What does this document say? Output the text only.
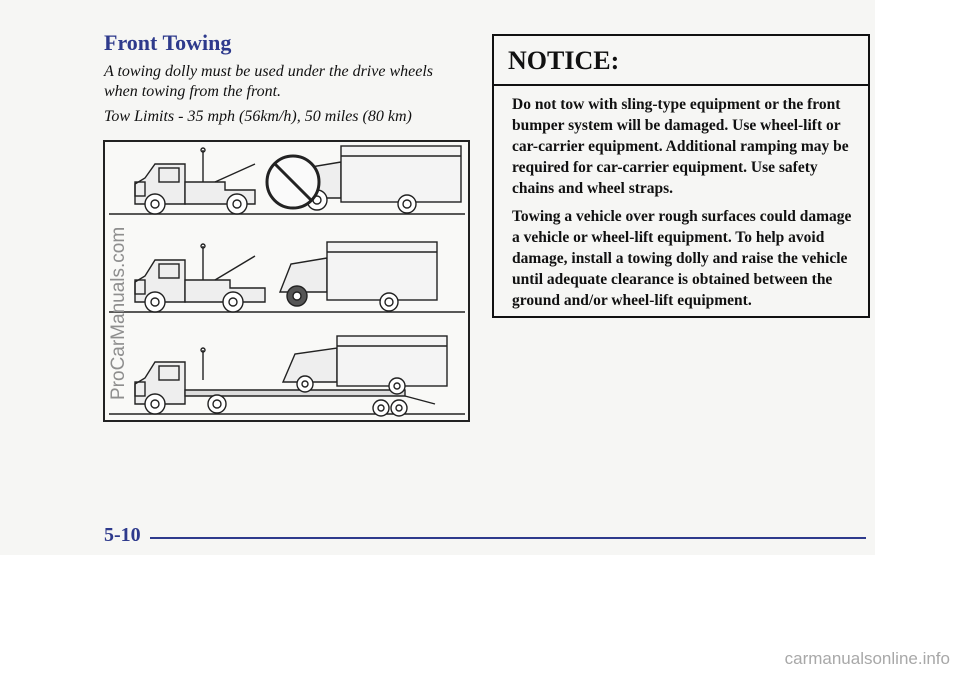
Front Towing

A towing dolly must be used under the drive wheels when towing from the front.

Tow Limits - 35 mph (56km/h), 50 miles (80 km)

NOTICE:

Do not tow with sling-type equipment or the front bumper system will be damaged. Use wheel-lift or car-carrier equipment. Additional ramping may be required for car-carrier equipment. Use safety chains and wheel straps.

Towing a vehicle over rough surfaces could damage a vehicle or wheel-lift equipment. To help avoid damage, install a towing dolly and raise the vehicle until adequate clearance is obtained between the ground and/or wheel-lift equipment.

5-10
ProCarManuals.com
carmanualsonline.info
